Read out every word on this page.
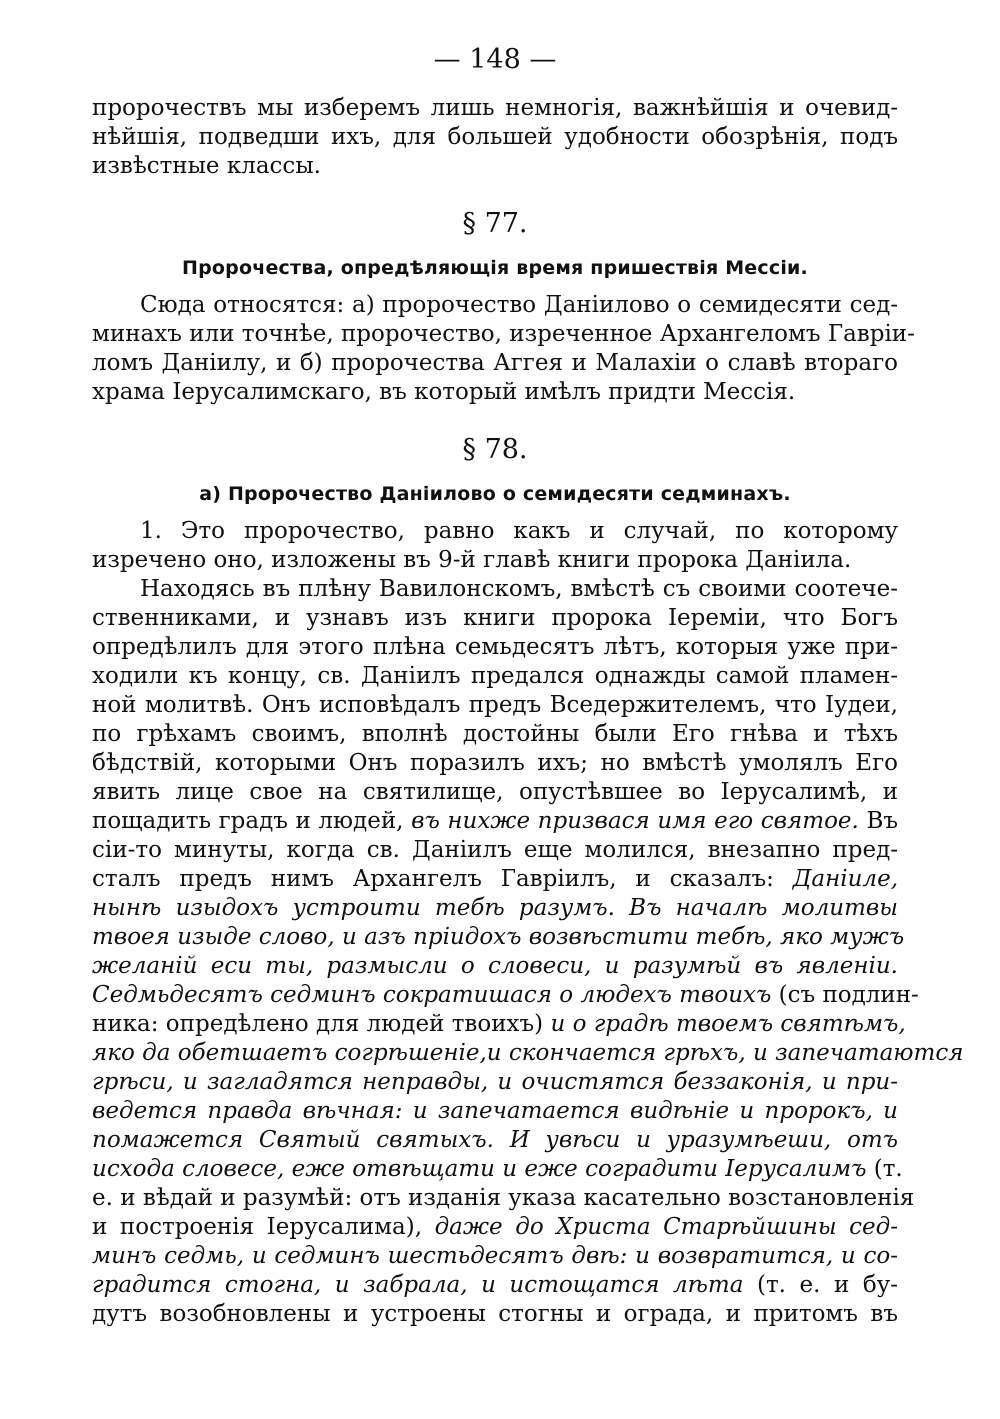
— 148 —
пророчествъ мы изберемъ лишь немногія, важнѣйшія и очевид-
нѣйшія, подведши ихъ, для большей удобности обозрѣнія, подъ
извѣстные классы.
§ 77.
Пророчества, опредѣляющія время пришествія Мессіи.
Сюда относятся: а) пророчество Даніилово о семидесяти сед-
минахъ или точнѣе, пророчество, изреченное Архангеломъ Гавріи-
ломъ Даніилу, и б) пророчества Аггея и Малахіи о славѣ втораго
храма Іерусалимскаго, въ который имѣлъ придти Мессія.
§ 78.
а) Пророчество Даніилово о семидесяти седминахъ.
1. Это пророчество, равно какъ и случай, по которому
изречено оно, изложены въ 9-й главѣ книги пророка Даніила.
Находясь въ плѣну Вавилонскомъ, вмѣстѣ съ своими соотече-
ственниками, и узнавъ изъ книги пророка Іереміи, что Богъ
опредѣлилъ для этого плѣна семьдесятъ лѣтъ, которыя уже при-
ходили къ концу, св. Даніилъ предался однажды самой пламен-
ной молитвѣ. Онъ исповѣдалъ предъ Вседержителемъ, что Іудеи,
по грѣхамъ своимъ, вполнѣ достойны были Его гнѣва и тѣхъ
бѣдствій, которыми Онъ поразилъ ихъ; но вмѣстѣ умолялъ Его
явить лице свое на святилище, опустѣвшее во Іерусалимѣ, и
пощадить градъ и людей, въ нихже призвася имя его святое. Въ
сіи-то минуты, когда св. Даніилъ еще молился, внезапно пред-
сталъ предъ нимъ Архангелъ Гавріилъ, и сказалъ: Даніиле,
нынѣ изыдохъ устроити тебѣ разумъ. Въ началѣ молитвы
твоея изыде слово, и азъ пріидохъ возвѣстити тебѣ, яко мужъ
желаній еси ты, размысли о словеси, и разумѣй въ явленіи.
Седмьдесятъ седминъ сократишася о людехъ твоихъ (съ подлин-
ника: опредѣлено для людей твоихъ) и о градѣ твоемъ святѣмъ,
яко да обетшаетъ согрѣшеніе,и скончается грѣхъ, и запечатаются
грѣси, и загладятся неправды, и очистятся беззаконія, и при-
ведется правда вѣчная: и запечатается видѣніе и пророкъ, и
помажется Святый святыхъ. И увѣси и уразумѣеши, отъ
исхода словесе, еже отвѣщати и еже соградити Іерусалимъ (т.
е. и вѣдай и разумѣй: отъ изданія указа касательно возстановленія
и построенія Іерусалима), даже до Христа Старѣйшины сед-
минъ седмь, и седминъ шестьдесятъ двѣ: и возвратится, и со-
градится стогна, и забрала, и истощатся лѣта (т. е. и бу-
дутъ возобновлены и устроены стогны и ограда, и притомъ въ
